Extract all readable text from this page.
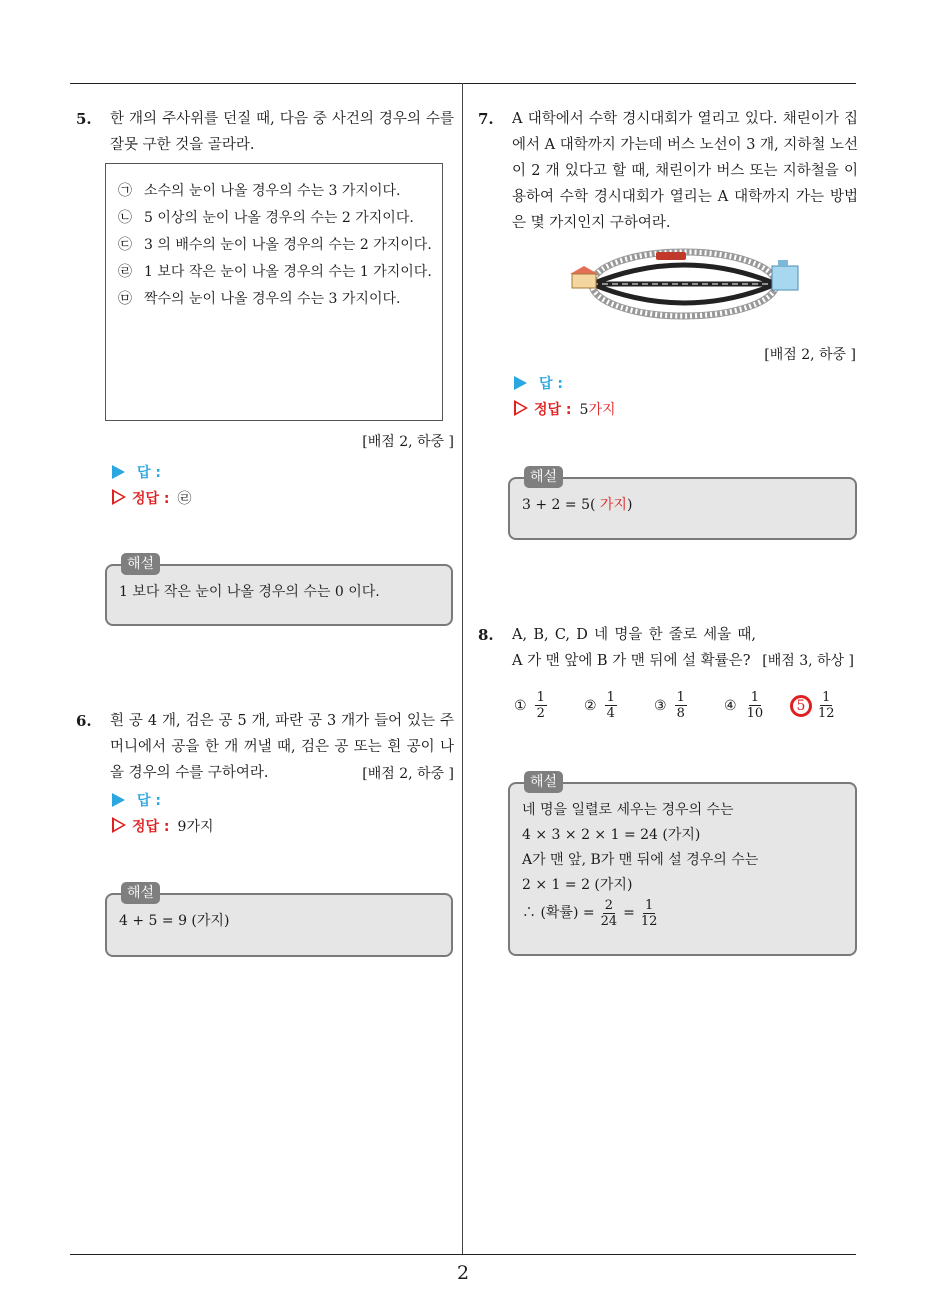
2
5. 한 개의 주사위를 던질 때, 다음 중 사건의 경우의 수를 잘못 구한 것을 골라라.
㉠ 소수의 눈이 나올 경우의 수는 3 가지이다.
㉡ 5 이상의 눈이 나올 경우의 수는 2 가지이다.
㉢ 3 의 배수의 눈이 나올 경우의 수는 2 가지이다.
㉣ 1 보다 작은 눈이 나올 경우의 수는 1 가지이다.
㉤ 짝수의 눈이 나올 경우의 수는 3 가지이다.
[배점 2, 하중 ]
답 :
정답 : ㉣
해설
1 보다 작은 눈이 나올 경우의 수는 0 이다.
6. 흰 공 4 개, 검은 공 5 개, 파란 공 3 개가 들어 있는 주머니에서 공을 한 개 꺼낼 때, 검은 공 또는 흰 공이 나올 경우의 수를 구하여라.	[배점 2, 하중 ]
답 :
정답 : 9가지
해설
4 + 5 = 9 (가지)
7. A 대학에서 수학 경시대회가 열리고 있다. 채린이가 집에서 A 대학까지 가는데 버스 노선이 3 개, 지하철 노선이 2 개 있다고 할 때, 채린이가 버스 또는 지하철을 이용하여 수학 경시대회가 열리는 A 대학까지 가는 방법은 몇 가지인지 구하여라.
[배점 2, 하중 ]
답 :
정답 : 5가지
해설
3 + 2 = 5( 가지)
8. A, B, C, D 네 명을 한 줄로 세울 때, A 가 맨 앞에 B 가 맨 뒤에 설 확률은? [배점 3, 하상 ]
① $\frac{1}{2}$	② $\frac{1}{4}$	③ $\frac{1}{8}$	④ $\frac{1}{10}$	$5 \frac{1}{12}$
해설
네 명을 일렬로 세우는 경우의 수는
4 × 3 × 2 × 1 = 24 (가지)
A가 맨 앞, B가 맨 뒤에 설 경우의 수는
2 × 1 = 2 (가지)
∴ (확률) = $\frac{2}{24} = \frac{1}{12}$
